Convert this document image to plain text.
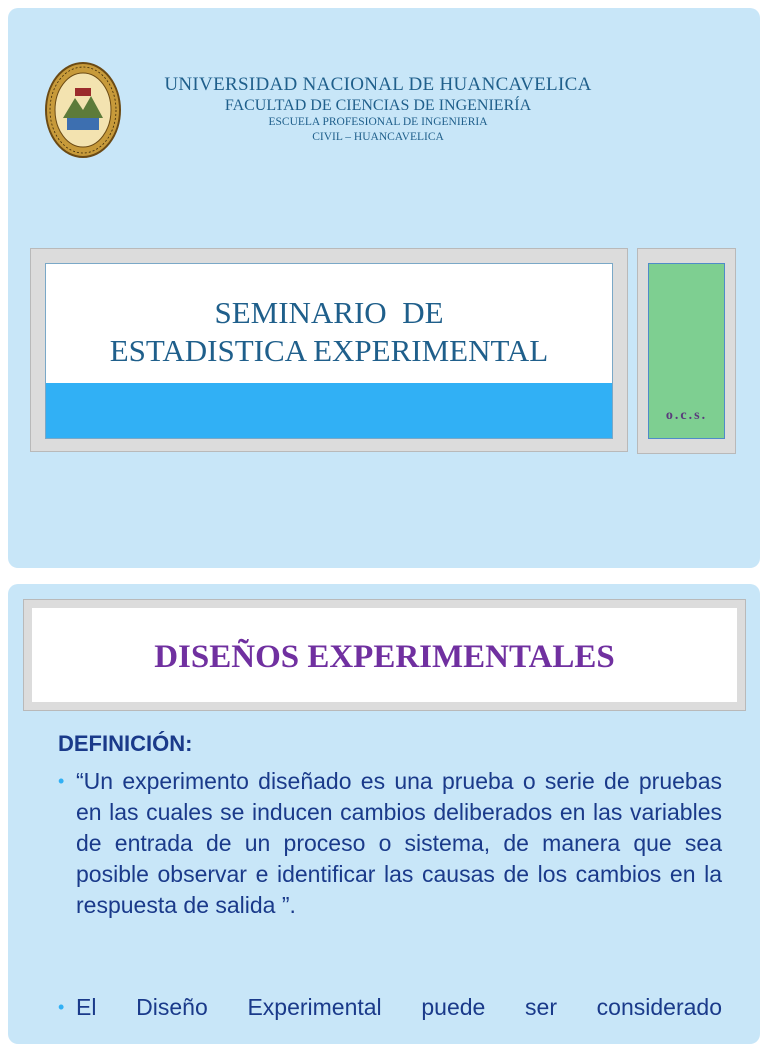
UNIVERSIDAD NACIONAL DE HUANCAVELICA
FACULTAD DE CIENCIAS DE INGENIERÍA
ESCUELA PROFESIONAL DE INGENIERIA
CIVIL – HUANCAVELICA
SEMINARIO  DE
ESTADISTICA EXPERIMENTAL
o.c.s.
DISEÑOS EXPERIMENTALES
DEFINICIÓN:
• “Un experimento diseñado es una prueba o serie de pruebas en las cuales se inducen cambios deliberados en las variables de entrada de un proceso o sistema, de manera que sea posible observar e identificar las causas de los cambios en la respuesta de salida ”.
• El Diseño Experimental puede ser considerado
